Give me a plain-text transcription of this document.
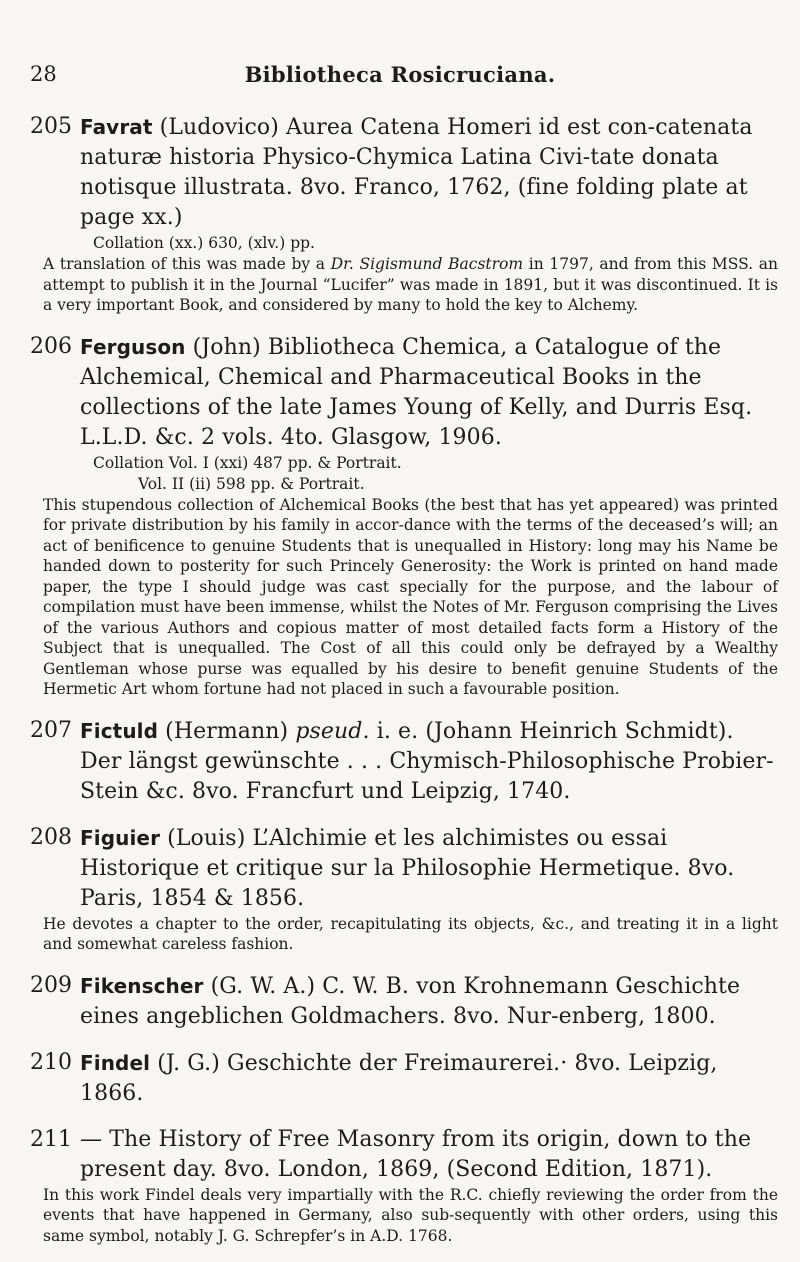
28	Bibliotheca Rosicruciana.
205 Favrat (Ludovico) Aurea Catena Homeri id est con-catenata naturæ historia Physico-Chymica Latina Civi-tate donata notisque illustrata. 8vo. Franco, 1762, (fine folding plate at page xx.)
Collation (xx.) 630, (xlv.) pp.
A translation of this was made by a Dr. Sigismund Bacstrom in 1797, and from this MSS. an attempt to publish it in the Journal “Lucifer” was made in 1891, but it was discontinued. It is a very important Book, and considered by many to hold the key to Alchemy.
206 Ferguson (John) Bibliotheca Chemica, a Catalogue of the Alchemical, Chemical and Pharmaceutical Books in the collections of the late James Young of Kelly, and Durris Esq. L.L.D. &c. 2 vols. 4to. Glasgow, 1906.
Collation Vol. I (xxi) 487 pp. & Portrait.
Vol. II (ii) 598 pp. & Portrait.
This stupendous collection of Alchemical Books (the best that has yet appeared) was printed for private distribution by his family in accor-dance with the terms of the deceased’s will; an act of benificence to genuine Students that is unequalled in History: long may his Name be handed down to posterity for such Princely Generosity: the Work is printed on hand made paper, the type I should judge was cast specially for the purpose, and the labour of compilation must have been immense, whilst the Notes of Mr. Ferguson comprising the Lives of the various Authors and copious matter of most detailed facts form a History of the Subject that is unequalled. The Cost of all this could only be defrayed by a Wealthy Gentleman whose purse was equalled by his desire to benefit genuine Students of the Hermetic Art whom fortune had not placed in such a favourable position.
207 Fictuld (Hermann) pseud. i. e. (Johann Heinrich Schmidt). Der längst gewünschte . . . Chymisch-Philosophische Probier-Stein &c. 8vo. Francfurt und Leipzig, 1740.
208 Figuier (Louis) L’Alchimie et les alchimistes ou essai Historique et critique sur la Philosophie Hermetique. 8vo. Paris, 1854 & 1856.
He devotes a chapter to the order, recapitulating its objects, &c., and treating it in a light and somewhat careless fashion.
209 Fikenscher (G. W. A.) C. W. B. von Krohnemann Geschichte eines angeblichen Goldmachers. 8vo. Nur-enberg, 1800.
210 Findel (J. G.) Geschichte der Freimaurerei.· 8vo. Leipzig, 1866.
211 — The History of Free Masonry from its origin, down to the present day. 8vo. London, 1869, (Second Edition, 1871).
In this work Findel deals very impartially with the R.C. chiefly reviewing the order from the events that have happened in Germany, also sub-sequently with other orders, using this same symbol, notably J. G. Schrepfer’s in A.D. 1768.
